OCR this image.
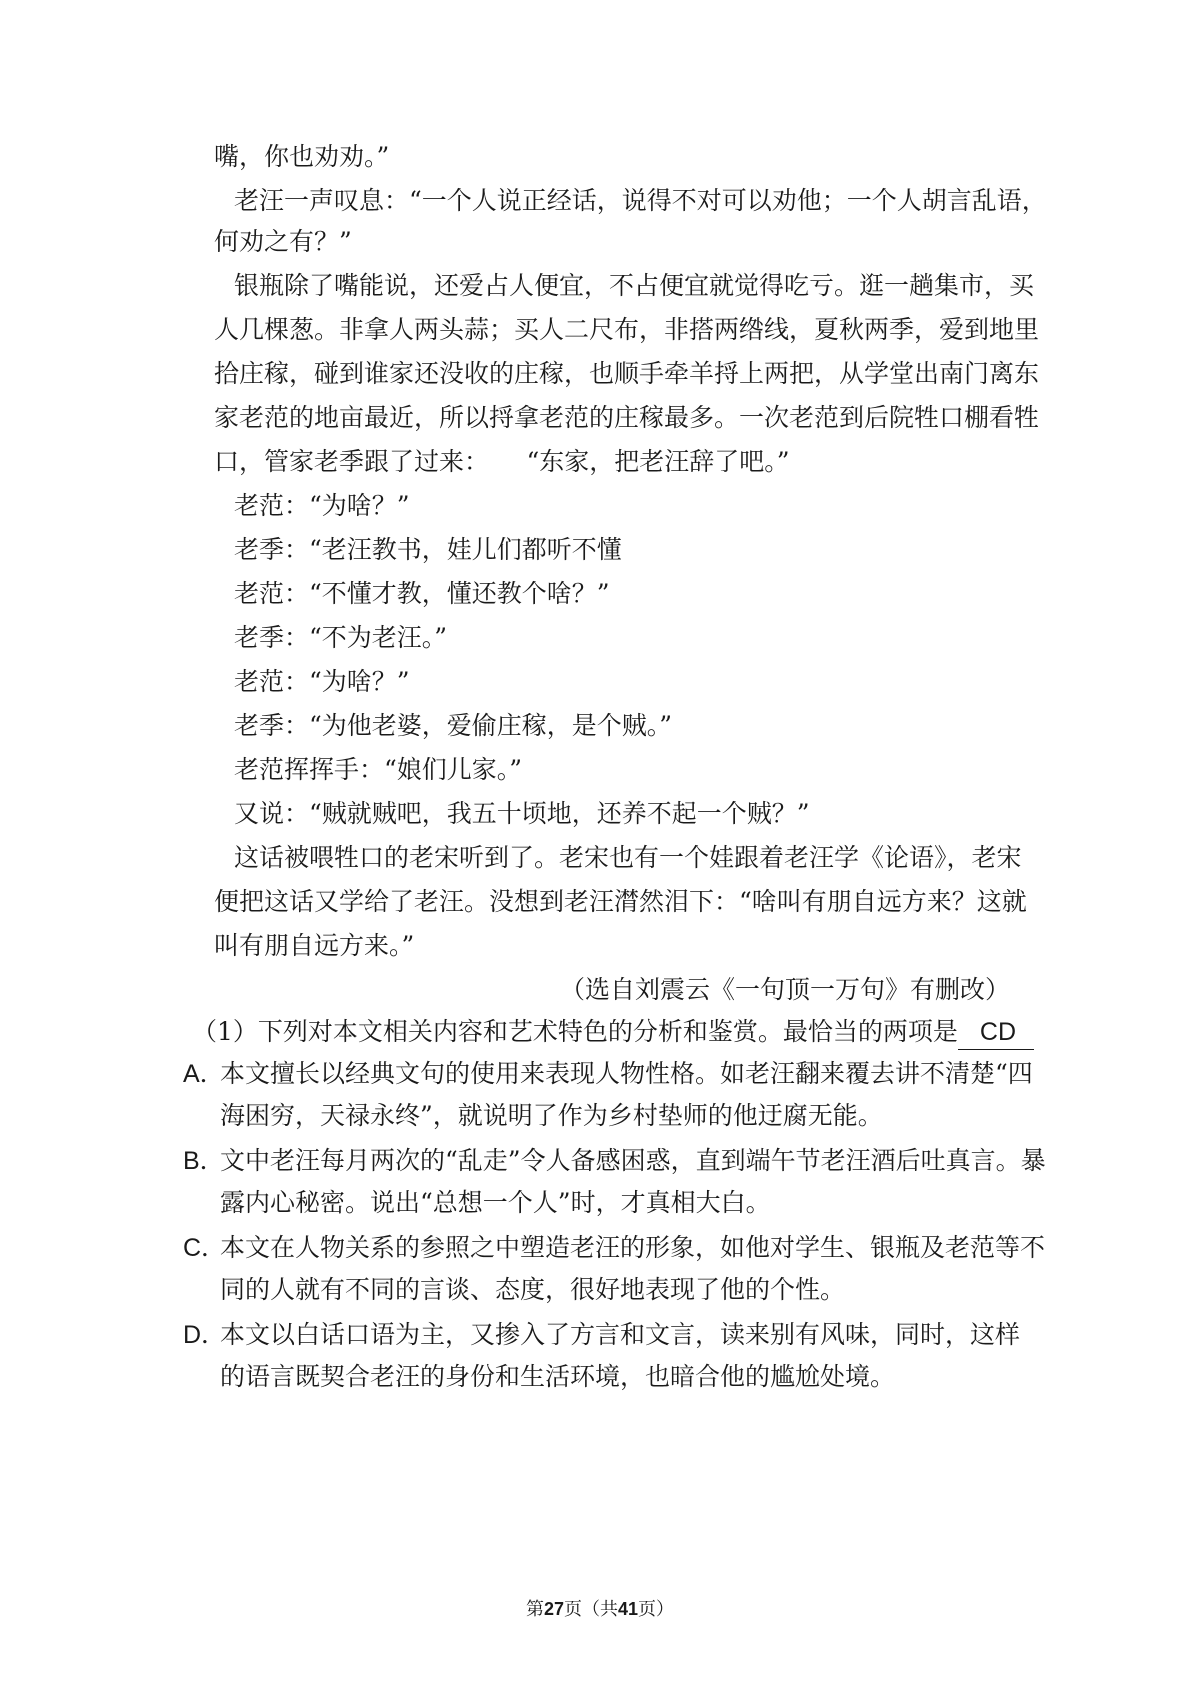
嘴，你也劝劝。”
老汪一声叹息：“一个人说正经话，说得不对可以劝他；一个人胡言乱语，
何劝之有？”
银瓶除了嘴能说，还爱占人便宜，不占便宜就觉得吃亏。逛一趟集市，买
人几棵葱。非拿人两头蒜；买人二尺布，非搭两绺线，夏秋两季，爱到地里
拾庄稼，碰到谁家还没收的庄稼，也顺手牵羊捋上两把，从学堂出南门离东
家老范的地亩最近，所以捋拿老范的庄稼最多。一次老范到后院牲口棚看牲
口，管家老季跟了过来：　　“东家，把老汪辞了吧。”
老范：“为啥？”
老季：“老汪教书，娃儿们都听不懂
老范：“不懂才教，懂还教个啥？”
老季：“不为老汪。”
老范：“为啥？”
老季：“为他老婆，爱偷庄稼，是个贼。”
老范挥挥手：“娘们儿家。”
又说：“贼就贼吧，我五十顷地，还养不起一个贼？”
这话被喂牲口的老宋听到了。老宋也有一个娃跟着老汪学《论语》，老宋
便把这话又学给了老汪。没想到老汪潸然泪下：“啥叫有朋自远方来？这就
叫有朋自远方来。”
（选自刘震云《一句顶一万句》有删改）
（1）下列对本文相关内容和艺术特色的分析和鉴赏。最恰当的两项是 CD
A．
本文擅长以经典文句的使用来表现人物性格。如老汪翻来覆去讲不清楚“四
海困穷，天禄永终”，就说明了作为乡村垫师的他迂腐无能。
B．
文中老汪每月两次的“乱走”令人备感困惑，直到端午节老汪酒后吐真言。暴
露内心秘密。说出“总想一个人”时，才真相大白。
C．
本文在人物关系的参照之中塑造老汪的形象，如他对学生、银瓶及老范等不
同的人就有不同的言谈、态度，很好地表现了他的个性。
D．
本文以白话口语为主，又掺入了方言和文言，读来别有风味，同时，这样
的语言既契合老汪的身份和生活环境，也暗合他的尴尬处境。
第27页（共41页）
